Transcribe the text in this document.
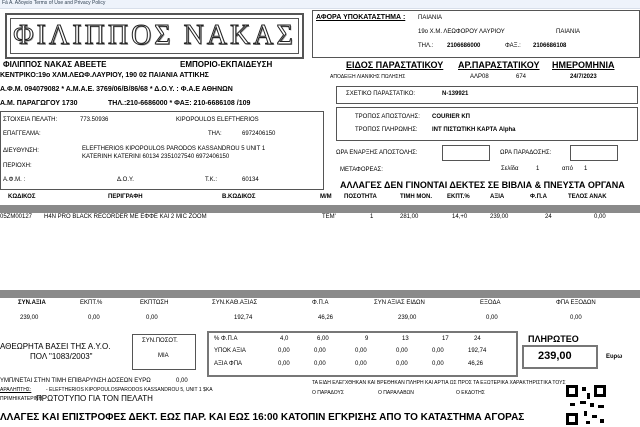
Fá A. Aδογείο Terms of Use and Privacy Policy
ΦΙΛΙΠΠΟΣ ΝΑΚΑΣ
ΦΙΛΙΠΠΟΣ ΝΑΚΑΣ ΑΒΕΕΤΕ	ΕΜΠΟΡΙΟ-ΕΚΠΑΙΔΕΥΣΗ
ΚΕΝΤΡΙΚΟ:19ο ΧΛΜ.ΛΕΩΦ.ΛΑΥΡΙΟΥ, 190 02 ΠΑΙΑΝΙΑ ΑΤΤΙΚΗΣ
Α.Φ.Μ. 094079082 * Α.Μ.Α.Ε. 3769/06/Β/86/68 * Δ.Ο.Υ. : Φ.Α.Ε ΑΘΗΝΩΝ
Α.Μ. ΠΑΡΑΓΩΓΟΥ 1730	ΤΗΛ.:210-6686000 * ΦΑΞ: 210-6686108 /109
ΑΦΟΡΑ ΥΠΟΚΑΤΑΣΤΗΜΑ : ΠΑΙΑΝΙΑ
19ο Χ.Μ. ΛΕΩΦΟΡΟΥ ΛΑΥΡΙΟΥ	ΠΑΙΑΝΙΑ
ΤΗΛ.: 2106686000	ΦΑΞ.: 2106686108
ΕΙΔΟΣ ΠΑΡΑΣΤΑΤΙΚΟΥ
ΑΠΟΔΕΙΞΗ ΛΙΑΝΙΚΗΣ ΠΩΛΗΣΗΣ
ΑΡ.ΠΑΡΑΣΤΑΤΙΚΟΥ
ΑΛΡ08	674
ΗΜΕΡΟΜΗΝΙΑ
24/7/2023
ΣΤΟΙΧΕΙΑ ΠΕΛΑΤΗ:	773.50936	KIPOPOULOS ELEFTHERIOS
ΕΠΑΓΓΕΛΜΑ:	ΤΗΛ:	6972406150
ΔΙΕΥΘΥΝΣΗ:	ELEFTHERIOS KIPOPOULOS PARODOS KASSANDROU 5 UNIT 1
KATERINH KATERINI 60134 2351027540 6972406150
ΠΕΡΙΟΧΗ:
Α.Φ.Μ. :	Δ.Ο.Υ.	Τ.Κ.:	60134
ΣΧΕΤΙΚΟ ΠΑΡΑΣΤΑΤΙΚΟ:	Ν-139921
ΤΡΟΠΟΣ ΑΠΟΣΤΟΛΗΣ: COURIER ΚΠ
ΤΡΟΠΟΣ ΠΛΗΡΩΜΗΣ: ΙΝΤ ΠΙΣΤΩΤΙΚΗ ΚΑΡΤΑ Alpha
ΩΡΑ ΕΝΑΡΞΗΣ ΑΠΟΣΤΟΛΗΣ:	ΩΡΑ ΠΑΡΑΔΟΣΗΣ:
ΜΕΤΑΦΟΡΕΑΣ:	Σελίδα	1	από 1
ΑΛΛΑΓΕΣ ΔΕΝ ΓΙΝΟΝΤΑΙ ΔΕΚΤΕΣ ΣΕ ΒΙΒΛΙΑ & ΠΝΕΥΣΤΑ ΟΡΓΑΝΑ
ΚΩΔΙΚΟΣ	ΠΕΡΙΓΡΑΦΗ	Β.ΚΩΔΙΚΟΣ	Μ/Μ ΠΟΣΟΤΗΤΑ	ΤΙΜΗ ΜΟΝ.	ΕΚΠΤ.%	ΑΞΙΑ	Φ.Π.Α	ΤΕΛΟΣ ΑΝΑΚ
05ZM00127 H4N PRO BLACK RECORDER ME ΕΦΦΕ KAI 2 MIC ZOOM	TEM'	1	281,00	14,+0	239,00	24	0,00
ΣΥΝ.ΑΞΙΑ	ΕΚΠΤ.%	ΕΚΠΤΩΣΗ	ΣΥΝ.ΚΑΘ.ΑΞΙΑΣ	Φ.Π.Α	ΣΥΝ ΑΞΙΑΣ ΕΙΔΩΝ	ΕΞΟΔΑ	ΦΠΑ ΕΞΟΔΩΝ
239,00	0,00	0,00	192,74	46,26	239,00	0,00	0,00
ΑΘΕΩΡΗΤΑ ΒΑΣΕΙ ΤΗΣ Α.Υ.Ο.
ΠΟΛ "1083/2003"
ΣΥΝ.ΠΟΣΟΤ.
ΜΙΑ
% Φ.Π.Α	4,0	6,00	9	13	17	24
ΥΠΟΚ ΑΞΙΑ	0,00	0,00	0,00	0,00	0,00	192,74
ΑΞΙΑ ΦΠΑ	0,00	0,00	0,00	0,00	0,00	46,26
ΠΛΗΡΩΤΕΟ
239,00	Ευρω
ΥΜΠ/ΝΕΤΑΙ ΣΤΗΝ ΤΙΜΗ ΕΠΙΒΑΡΥΝΣΗ ΔΟΣΕΩΝ ΕΥΡΩ	0,00
ΑΡΑΛΗΠΤΗΣ:	- ELEFTHERIOS KIPOPOULOSPARODOS KASSANDROU 5, UNIT 1 $KA
ΠΡΙΜΗΙΚΑΤΕΡΙΝΗ
ΠΡΩΤΟΤΥΠΟ ΓΙΑ ΤΟΝ ΠΕΛΑΤΗ
ΤΑ ΕΙΔΗ ΕΛΕΓΧΘΗΚΑΝ ΚΑΙ ΒΡΕΘΗΚΑΝ ΠΛΗΡΗ ΚΑΙ ΑΡΤΙΑ ΩΣ ΠΡΟΣ ΤΑ ΕΞΩΤΕΡΙΚΑ ΧΑΡΑΚΤΗΡΙΣΤΙΚΑ ΤΟΥΣ
Ο ΠΑΡΑΔΟΥΣ	Ο ΠΑΡΑΛΑΒΩΝ	Ο ΕΚΔΟΤΗΣ
ΛΛΑΓΕΣ ΚΑΙ ΕΠΙΣΤΡΟΦΕΣ ΔΕΚΤ. ΕΩΣ ΠΑΡ. ΚΑΙ ΕΩΣ 16:00 ΚΑΤΟΠΙΝ ΕΓΚΡΙΣΗΣ ΑΠΟ ΤΟ ΚΑΤΑΣΤΗΜΑ ΑΓΟΡΑΣ
